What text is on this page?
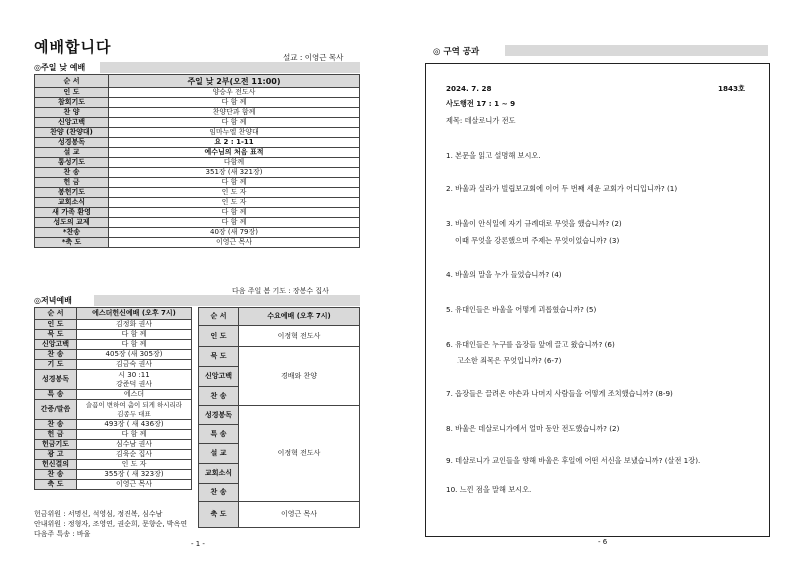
예배합니다
설교 : 이영근 목사
◎주일 낮 예배
순 서	주일 낮 2부(오전 11:00)
인 도	양승우 전도사
참회기도	다 함 께
찬 양	찬양단과 함께
신앙고백	다 함 께
찬양 (찬양대)	임마누엘 찬양대
성경봉독	요 2 : 1-11
설 교	예수님의 처음 표적
통성기도	다함께
찬 송	351장 (새 321장)
헌 금	다 함 께
봉헌기도	인 도 자
교회소식	인 도 자
새 가족 환영	다 함 께
성도의 교제	다 함 께
*찬송	40장 (새 79장)
*축 도	이영근 목사
다음 주일 봄 기도 : 장봉수 집사
◎저녁예배
순 서	에스더헌신예배 (오후 7시)
인 도	김정화 권사
묵 도	다 함 께
신앙고백	다 함 께
찬 송	405장 (새 305장)
기 도	김금숙 권사
성경봉독	시 30 :11
강준덕 권사
특 송	에스더
간증/말씀	슬픔이 변하여 춤이 되게 하시리라
김종두 대표
찬 송	493장 ( 새 436장)
헌 금	다 함 께
헌금기도	심수남 권사
광 고	김육순 집사
헌신결의	인 도 자
찬 송	355장 ( 새 323장)
축 도	이영근 목사
순 서	수요예배 (오후 7시)
인 도	이정혁 전도사
묵 도	경배와 찬양
신앙고백	
찬 송	
성경봉독	이정혁 전도사
특 송	
설 교	
교회소식	
찬 송	
축 도	이영근 목사
헌금위원 : 서명신, 석영심, 정진복, 심수남
안내위원 : 정형자, 조영연, 권순희, 문향순, 박옥연
다음주 특송 : 바울
- 1 -
◎ 구역 공과
2024. 7. 28	1843호
사도행전 17 : 1 ~ 9
제목: 데살로니가 전도
1. 본문을 읽고 설명해 보시오.
2. 바울과 실라가 빌립보교회에 이어 두 번째 세운 교회가 어디입니까? (1)
3. 바울이 안식일에 자기 규례대로 무엇을 했습니까? (2)
이때 무엇을 강론했으며 주제는 무엇이었습니까? (3)
4. 바울의 말을 누가 들었습니까? (4)
5. 유대인들은 바울을 어떻게 괴롭혔습니까? (5)
6. 유대인들은 누구를 읍장들 앞에 끌고 왔습니까? (6)
고소한 죄목은 무엇입니까? (6-7)
7. 읍장들은 끌려온 야손과 나머지 사람들을 어떻게 조치했습니까? (8-9)
8. 바울은 데살로니가에서 얼마 동안 전도했습니까? (2)
9. 데살로니가 교인들을 향해 바울은 후일에 어떤 서신을 보냈습니까? (살전 1장).
10. 느낀 점을 말해 보시오.
- 6
